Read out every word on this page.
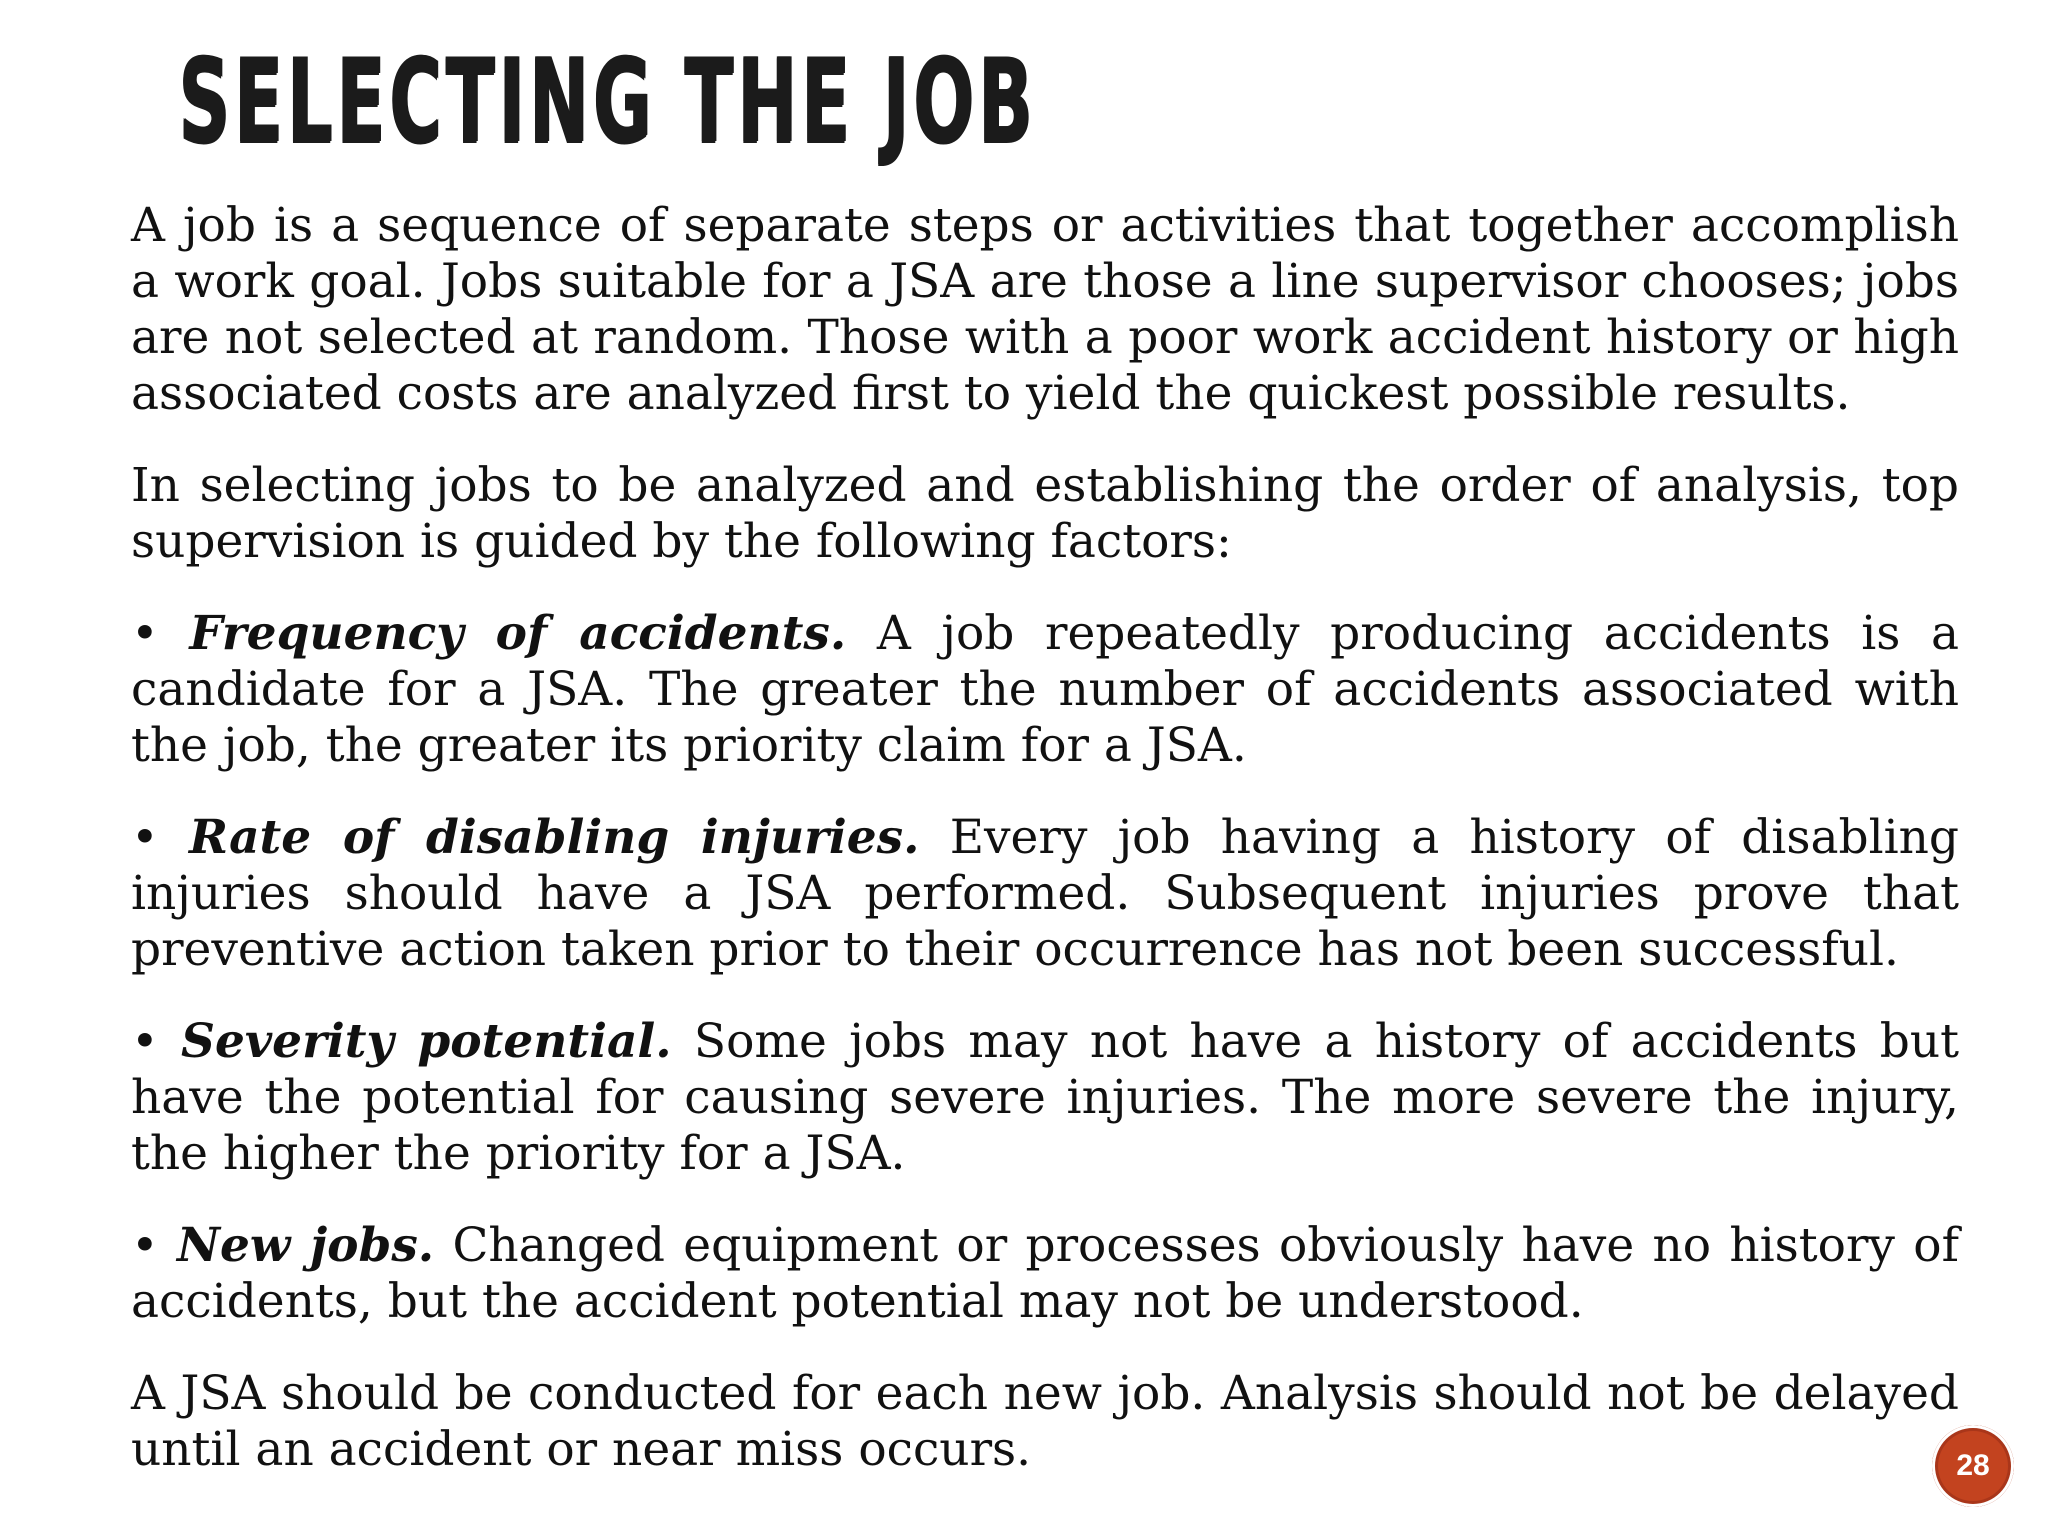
SELECTING THE JOB

A job is a sequence of separate steps or activities that together accomplish a work goal. Jobs suitable for a JSA are those a line supervisor chooses; jobs are not selected at random. Those with a poor work accident history or high associated costs are analyzed first to yield the quickest possible results.

In selecting jobs to be analyzed and establishing the order of analysis, top supervision is guided by the following factors:

• Frequency of accidents. A job repeatedly producing accidents is a candidate for a JSA. The greater the number of accidents associated with the job, the greater its priority claim for a JSA.

• Rate of disabling injuries. Every job having a history of disabling injuries should have a JSA performed. Subsequent injuries prove that preventive action taken prior to their occurrence has not been successful.

• Severity potential. Some jobs may not have a history of accidents but have the potential for causing severe injuries. The more severe the injury, the higher the priority for a JSA.

• New jobs. Changed equipment or processes obviously have no history of accidents, but the accident potential may not be understood.

A JSA should be conducted for each new job. Analysis should not be delayed until an accident or near miss occurs.	28
